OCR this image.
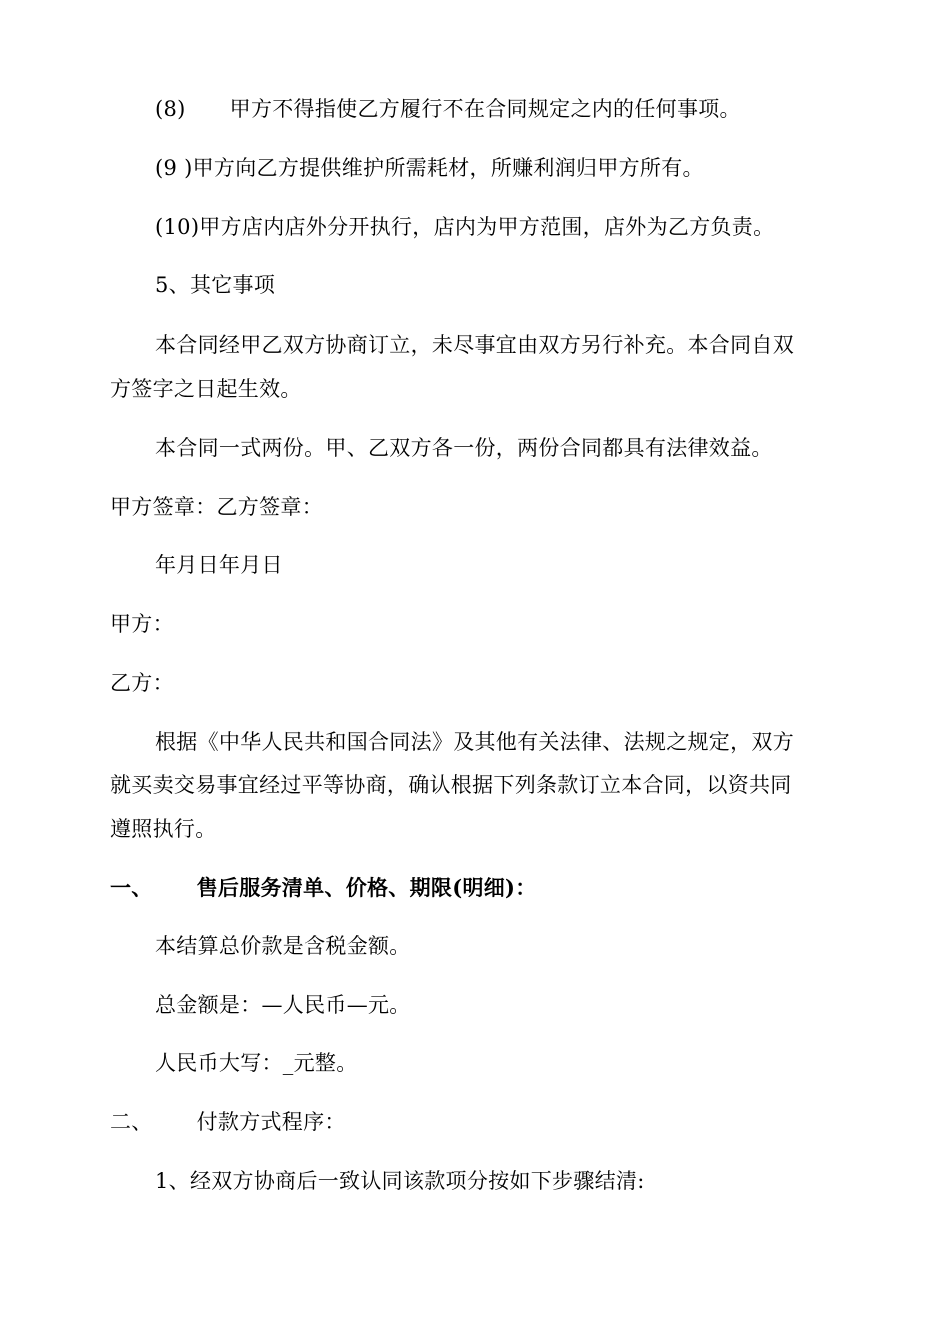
(8) 甲方不得指使乙方履行不在合同规定之内的任何事项。
(9 )甲方向乙方提供维护所需耗材，所赚利润归甲方所有。
(10)甲方店内店外分开执行，店内为甲方范围，店外为乙方负责。
5、其它事项
本合同经甲乙双方协商订立，未尽事宜由双方另行补充。本合同自双
方签字之日起生效。
本合同一式两份。甲、乙双方各一份，两份合同都具有法律效益。
甲方签章：乙方签章：
年月日年月日
甲方：
乙方：
根据《中华人民共和国合同法》及其他有关法律、法规之规定，双方
就买卖交易事宜经过平等协商，确认根据下列条款订立本合同，以资共同
遵照执行。
一、 售后服务清单、价格、期限(明细)：
本结算总价款是含税金额。
总金额是：—人民币—元。
人民币大写：_元整。
二、 付款方式程序：
1、经双方协商后一致认同该款项分按如下步骤结清:
